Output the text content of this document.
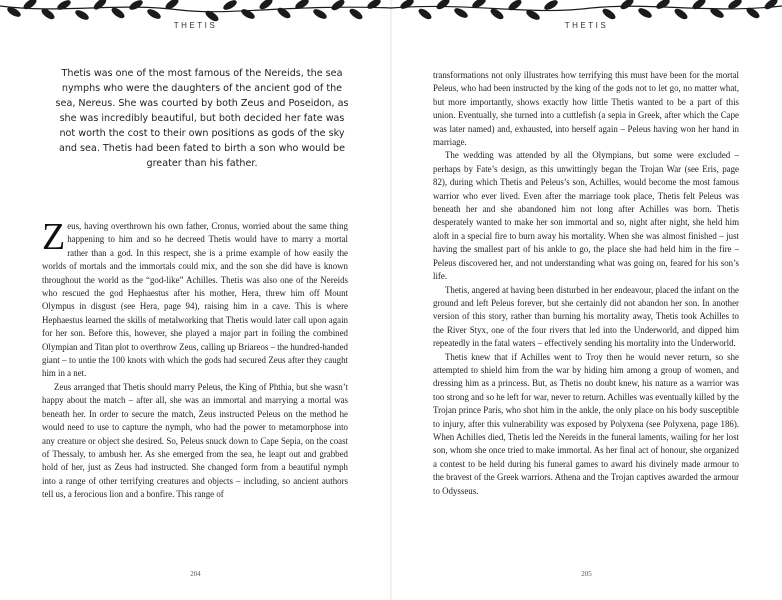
THETIS

Thetis was one of the most famous of the Nereids, the sea nymphs who were the daughters of the ancient god of the sea, Nereus. She was courted by both Zeus and Poseidon, as she was incredibly beautiful, but both decided her fate was not worth the cost to their own positions as gods of the sky and sea. Thetis had been fated to birth a son who would be greater than his father.

Zeus, having overthrown his own father, Cronus, worried about the same thing happening to him and so he decreed Thetis would have to marry a mortal rather than a god. In this respect, she is a prime example of how easily the worlds of mortals and the immortals could mix, and the son she did have is known throughout the world as the “god-like” Achilles. Thetis was also one of the Nereids who rescued the god Hephaestus after his mother, Hera, threw him off Mount Olympus in disgust (see Hera, page 94), raising him in a cave. This is where Hephaestus learned the skills of metalworking that Thetis would later call upon again for her son. Before this, however, she played a major part in foiling the combined Olympian and Titan plot to overthrow Zeus, calling up Briareos – the hundred-handed giant – to untie the 100 knots with which the gods had secured Zeus after they caught him in a net.

Zeus arranged that Thetis should marry Peleus, the King of Phthia, but she wasn’t happy about the match – after all, she was an immortal and marrying a mortal was beneath her. In order to secure the match, Zeus instructed Peleus on the method he would need to use to capture the nymph, who had the power to metamorphose into any creature or object she desired. So, Peleus snuck down to Cape Sepia, on the coast of Thessaly, to ambush her. As she emerged from the sea, he leapt out and grabbed hold of her, just as Zeus had instructed. She changed form from a beautiful nymph into a range of other terrifying creatures and objects – including, so ancient authors tell us, a ferocious lion and a bonfire. This range of

204
THETIS

transformations not only illustrates how terrifying this must have been for the mortal Peleus, who had been instructed by the king of the gods not to let go, no matter what, but more importantly, shows exactly how little Thetis wanted to be a part of this union. Eventually, she turned into a cuttlefish (a sepia in Greek, after which the Cape was later named) and, exhausted, into herself again – Peleus having won her hand in marriage.

The wedding was attended by all the Olympians, but some were excluded – perhaps by Fate’s design, as this unwittingly began the Trojan War (see Eris, page 82), during which Thetis and Peleus’s son, Achilles, would become the most famous warrior who ever lived. Even after the marriage took place, Thetis felt Peleus was beneath her and she abandoned him not long after Achilles was born. Thetis desperately wanted to make her son immortal and so, night after night, she held him aloft in a special fire to burn away his mortality. When she was almost finished – just having the smallest part of his ankle to go, the place she had held him in the fire – Peleus discovered her, and not understanding what was going on, feared for his son’s life.

Thetis, angered at having been disturbed in her endeavour, placed the infant on the ground and left Peleus forever, but she certainly did not abandon her son. In another version of this story, rather than burning his mortality away, Thetis took Achilles to the River Styx, one of the four rivers that led into the Underworld, and dipped him repeatedly in the fatal waters – effectively sending his mortality into the Underworld.

Thetis knew that if Achilles went to Troy then he would never return, so she attempted to shield him from the war by hiding him among a group of women, and dressing him as a princess. But, as Thetis no doubt knew, his nature as a warrior was too strong and so he left for war, never to return. Achilles was eventually killed by the Trojan prince Paris, who shot him in the ankle, the only place on his body susceptible to injury, after this vulnerability was exposed by Polyxena (see Polyxena, page 186). When Achilles died, Thetis led the Nereids in the funeral laments, wailing for her lost son, whom she once tried to make immortal. As her final act of honour, she organized a contest to be held during his funeral games to award his divinely made armour to the bravest of the Greek warriors. Athena and the Trojan captives awarded the armour to Odysseus.

205
